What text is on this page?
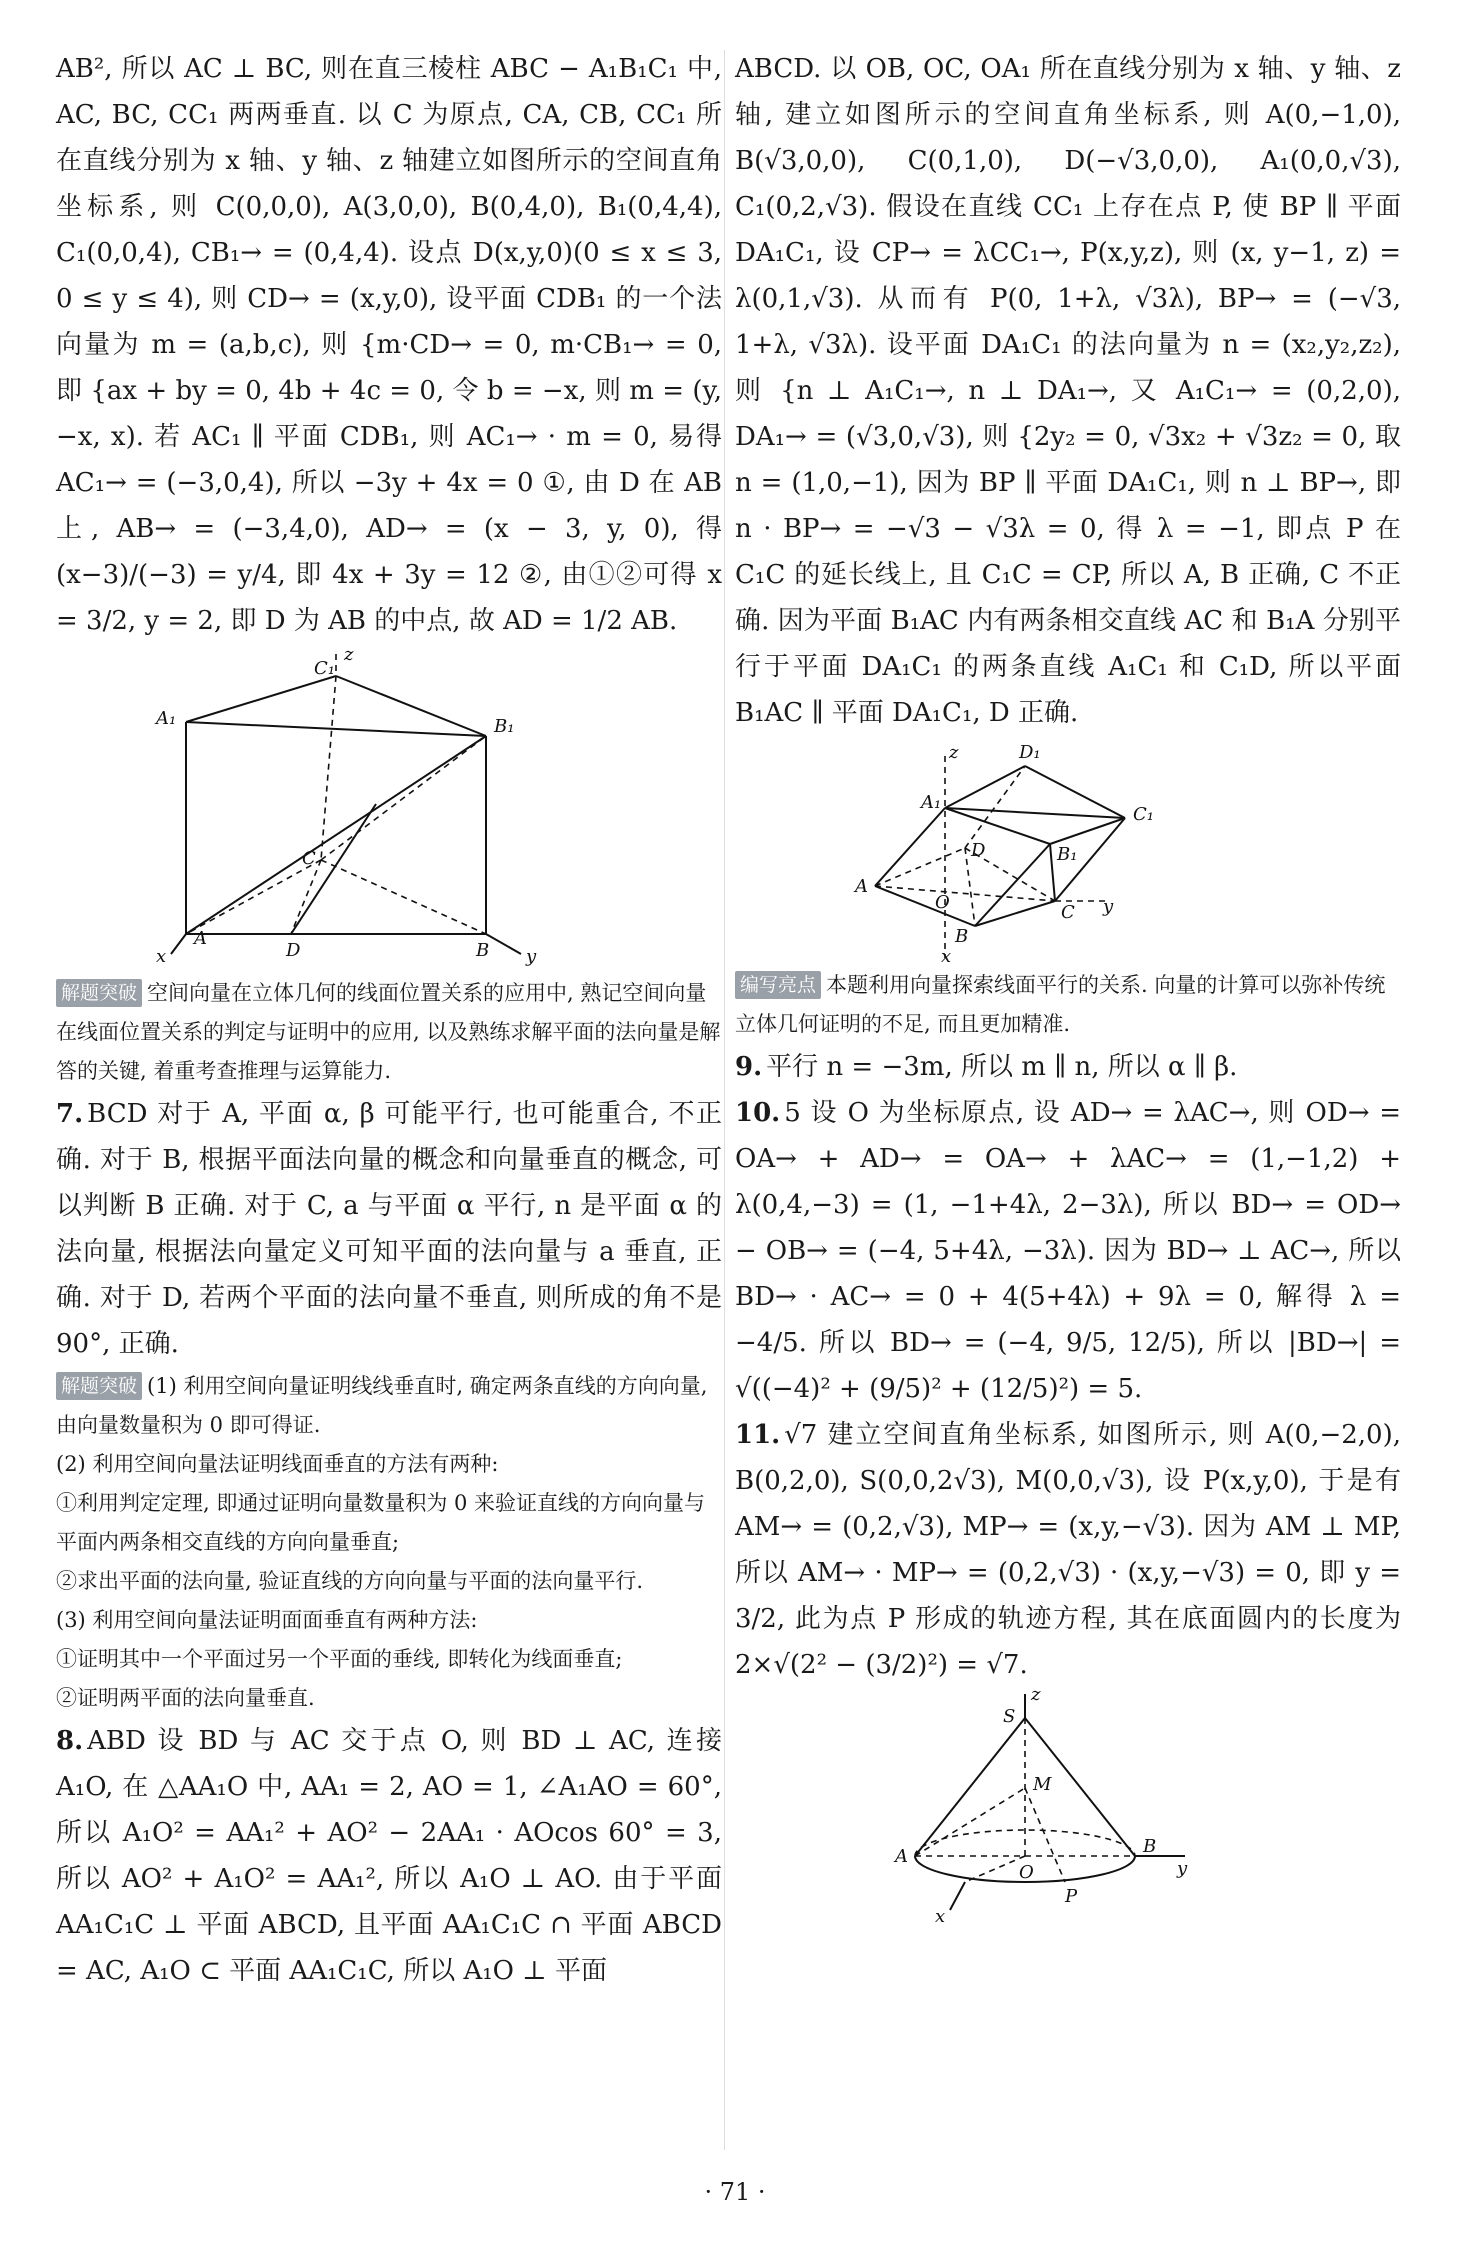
AB², 所以 AC ⊥ BC, 则在直三棱柱 ABC − A₁B₁C₁ 中, AC, BC, CC₁ 两两垂直. 以 C 为原点, CA, CB, CC₁ 所在直线分别为 x 轴、y 轴、z 轴建立如图所示的空间直角坐标系, 则 C(0,0,0), A(3,0,0), B(0,4,0), B₁(0,4,4), C₁(0,0,4), CB₁→ = (0,4,4). 设点 D(x,y,0)(0 ≤ x ≤ 3, 0 ≤ y ≤ 4), 则 CD→ = (x,y,0), 设平面 CDB₁ 的一个法向量为 m = (a,b,c), 则 {m·CD→ = 0, m·CB₁→ = 0, 即 {ax + by = 0, 4b + 4c = 0, 令 b = −x, 则 m = (y, −x, x). 若 AC₁ ∥ 平面 CDB₁, 则 AC₁→ · m = 0, 易得 AC₁→ = (−3,0,4), 所以 −3y + 4x = 0 ①, 由 D 在 AB 上, AB→ = (−3,4,0), AD→ = (x − 3, y, 0), 得 (x−3)/(−3) = y/4, 即 4x + 3y = 12 ②, 由①②可得 x = 3/2, y = 2, 即 D 为 AB 的中点, 故 AD = 1/2 AB.

z
C₁
A₁	B₁
C
A
D	B
x	y

解题突破 空间向量在立体几何的线面位置关系的应用中, 熟记空间向量在线面位置关系的判定与证明中的应用, 以及熟练求解平面的法向量是解答的关键, 着重考查推理与运算能力.

7. BCD 对于 A, 平面 α, β 可能平行, 也可能重合, 不正确. 对于 B, 根据平面法向量的概念和向量垂直的概念, 可以判断 B 正确. 对于 C, a 与平面 α 平行, n 是平面 α 的法向量, 根据法向量定义可知平面的法向量与 a 垂直, 正确. 对于 D, 若两个平面的法向量不垂直, 则所成的角不是 90°, 正确.

解题突破 (1) 利用空间向量证明线线垂直时, 确定两条直线的方向向量, 由向量数量积为 0 即可得证.

(2) 利用空间向量法证明线面垂直的方法有两种:

①利用判定定理, 即通过证明向量数量积为 0 来验证直线的方向向量与平面内两条相交直线的方向向量垂直;

②求出平面的法向量, 验证直线的方向向量与平面的法向量平行.

(3) 利用空间向量法证明面面垂直有两种方法:

①证明其中一个平面过另一个平面的垂线, 即转化为线面垂直;

②证明两平面的法向量垂直.

8. ABD 设 BD 与 AC 交于点 O, 则 BD ⊥ AC, 连接 A₁O, 在 △AA₁O 中, AA₁ = 2, AO = 1, ∠A₁AO = 60°, 所以 A₁O² = AA₁² + AO² − 2AA₁ · AOcos 60° = 3, 所以 AO² + A₁O² = AA₁², 所以 A₁O ⊥ AO. 由于平面 AA₁C₁C ⊥ 平面 ABCD, 且平面 AA₁C₁C ∩ 平面 ABCD = AC, A₁O ⊂ 平面 AA₁C₁C, 所以 A₁O ⊥ 平面

ABCD. 以 OB, OC, OA₁ 所在直线分别为 x 轴、y 轴、z 轴, 建立如图所示的空间直角坐标系, 则 A(0,−1,0), B(√3,0,0), C(0,1,0), D(−√3,0,0), A₁(0,0,√3), C₁(0,2,√3). 假设在直线 CC₁ 上存在点 P, 使 BP ∥ 平面 DA₁C₁, 设 CP→ = λCC₁→, P(x,y,z), 则 (x, y−1, z) = λ(0,1,√3). 从而有 P(0, 1+λ, √3λ), BP→ = (−√3, 1+λ, √3λ). 设平面 DA₁C₁ 的法向量为 n = (x₂,y₂,z₂), 则 {n ⊥ A₁C₁→, n ⊥ DA₁→, 又 A₁C₁→ = (0,2,0), DA₁→ = (√3,0,√3), 则 {2y₂ = 0, √3x₂ + √3z₂ = 0, 取 n = (1,0,−1), 因为 BP ∥ 平面 DA₁C₁, 则 n ⊥ BP→, 即 n · BP→ = −√3 − √3λ = 0, 得 λ = −1, 即点 P 在 C₁C 的延长线上, 且 C₁C = CP, 所以 A, B 正确, C 不正确. 因为平面 B₁AC 内有两条相交直线 AC 和 B₁A 分别平行于平面 DA₁C₁ 的两条直线 A₁C₁ 和 C₁D, 所以平面 B₁AC ∥ 平面 DA₁C₁, D 正确.

z	D₁
A₁
C₁
D	B₁
A
O	C y
B
x

编写亮点 本题利用向量探索线面平行的关系. 向量的计算可以弥补传统立体几何证明的不足, 而且更加精准.

9. 平行 n = −3m, 所以 m ∥ n, 所以 α ∥ β.

10. 5 设 O 为坐标原点, 设 AD→ = λAC→, 则 OD→ = OA→ + AD→ = OA→ + λAC→ = (1,−1,2) + λ(0,4,−3) = (1, −1+4λ, 2−3λ), 所以 BD→ = OD→ − OB→ = (−4, 5+4λ, −3λ). 因为 BD→ ⊥ AC→, 所以 BD→ · AC→ = 0 + 4(5+4λ) + 9λ = 0, 解得 λ = −4/5. 所以 BD→ = (−4, 9/5, 12/5), 所以 |BD→| = √((−4)² + (9/5)² + (12/5)²) = 5.

11. √7 建立空间直角坐标系, 如图所示, 则 A(0,−2,0), B(0,2,0), S(0,0,2√3), M(0,0,√3), 设 P(x,y,0), 于是有 AM→ = (0,2,√3), MP→ = (x,y,−√3). 因为 AM ⊥ MP, 所以 AM→ · MP→ = (0,2,√3) · (x,y,−√3) = 0, 即 y = 3/2, 此为点 P 形成的轨迹方程, 其在底面圆内的长度为 2×√(2² − (3/2)²) = √7.

z
S
M
A	B
y
O
P
x
· 71 ·
